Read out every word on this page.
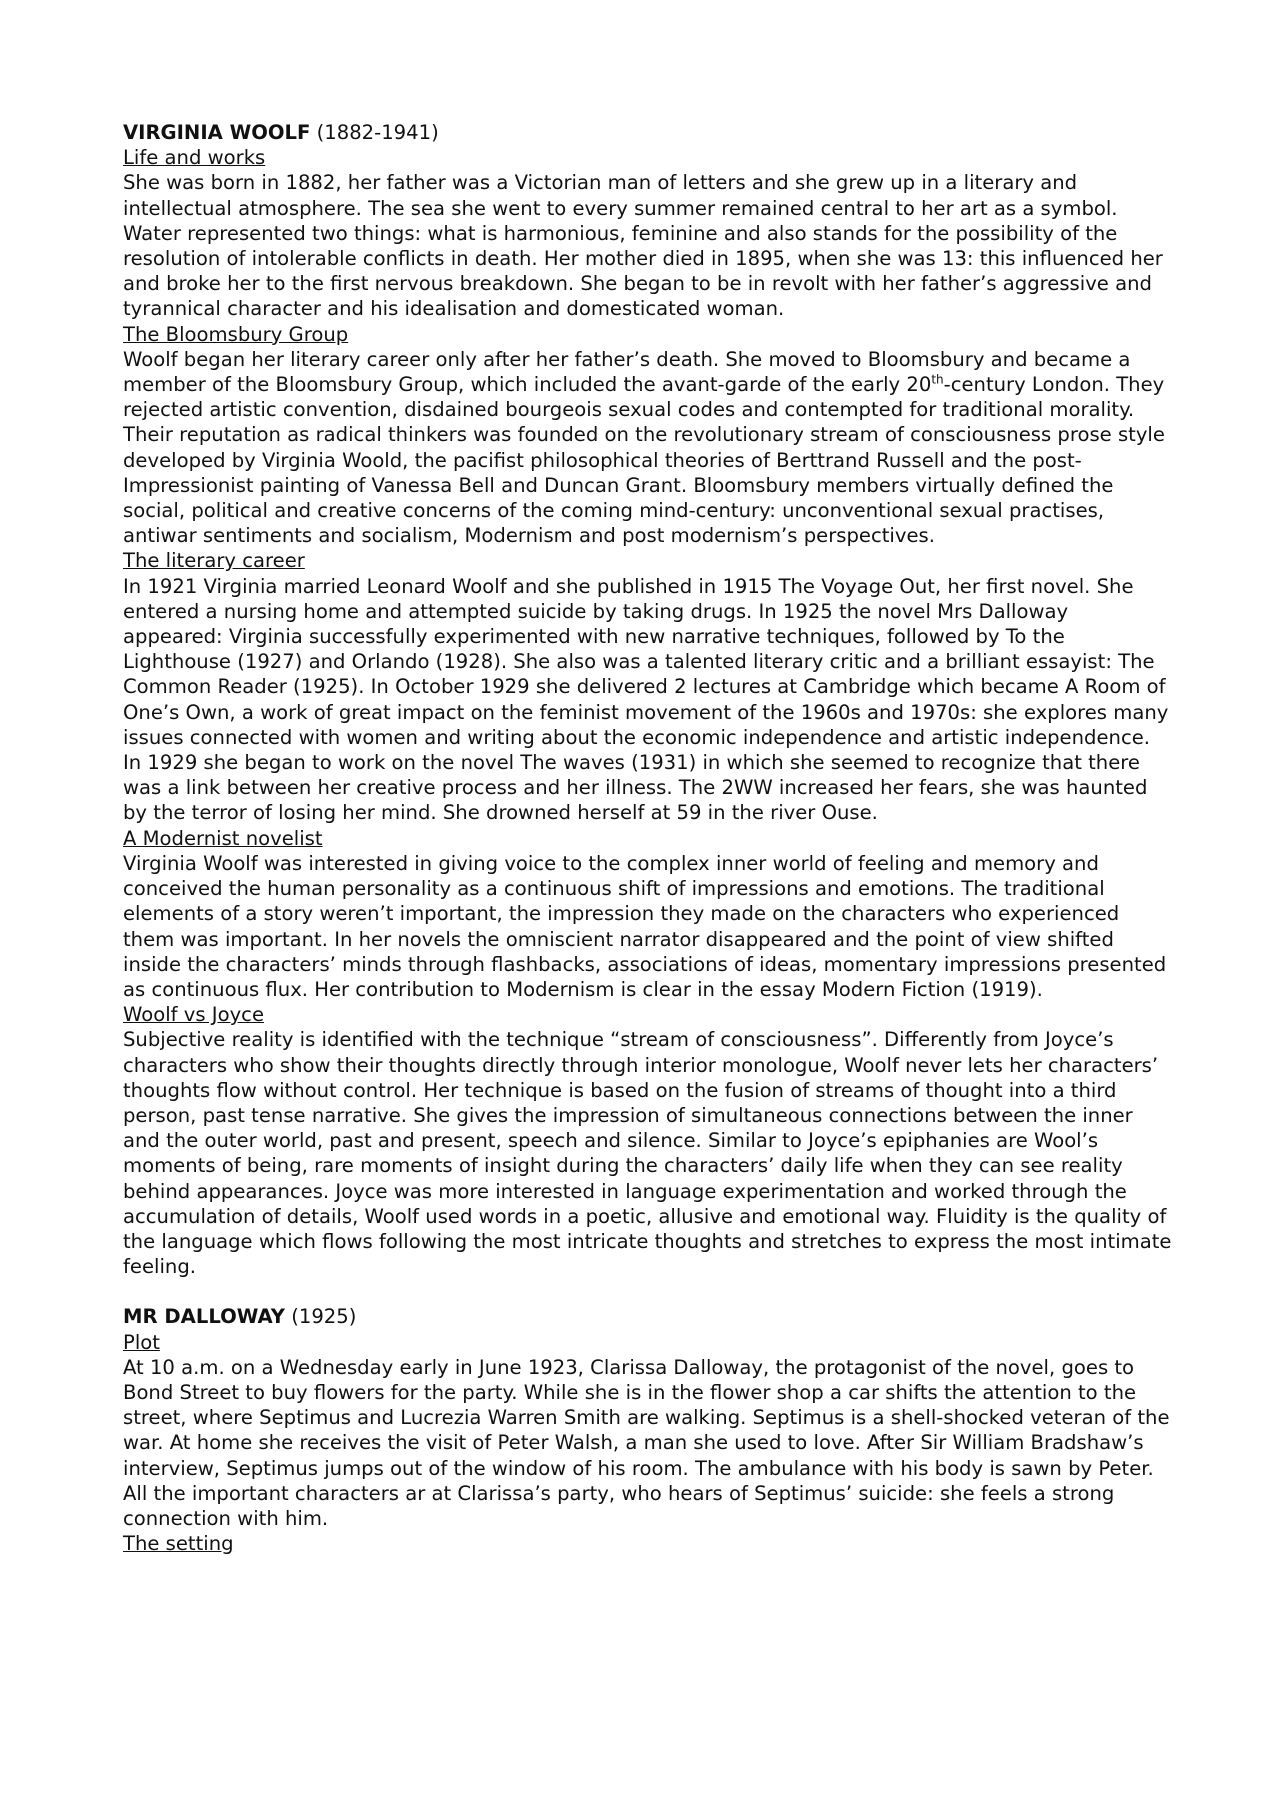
VIRGINIA WOOLF (1882-1941)

Life and works

She was born in 1882, her father was a Victorian man of letters and she grew up in a literary and intellectual atmosphere. The sea she went to every summer remained central to her art as a symbol. Water represented two things: what is harmonious, feminine and also stands for the possibility of the resolution of intolerable conflicts in death. Her mother died in 1895, when she was 13: this influenced her and broke her to the first nervous breakdown. She began to be in revolt with her father’s aggressive and tyrannical character and his idealisation and domesticated woman.

The Bloomsbury Group

Woolf began her literary career only after her father’s death. She moved to Bloomsbury and became a member of the Bloomsbury Group, which included the avant-garde of the early 20th-century London. They rejected artistic convention, disdained bourgeois sexual codes and contempted for traditional morality. Their reputation as radical thinkers was founded on the revolutionary stream of consciousness prose style developed by Virginia Woold, the pacifist philosophical theories of Berttrand Russell and the post-Impressionist painting of Vanessa Bell and Duncan Grant. Bloomsbury members virtually defined the social, political and creative concerns of the coming mind-century: unconventional sexual practises, antiwar sentiments and socialism, Modernism and post modernism’s perspectives.

The literary career

In 1921 Virginia married Leonard Woolf and she published in 1915 The Voyage Out, her first novel. She entered a nursing home and attempted suicide by taking drugs. In 1925 the novel Mrs Dalloway appeared: Virginia successfully experimented with new narrative techniques, followed by To the Lighthouse (1927) and Orlando (1928). She also was a talented literary critic and a brilliant essayist: The Common Reader (1925). In October 1929 she delivered 2 lectures at Cambridge which became A Room of One’s Own, a work of great impact on the feminist movement of the 1960s and 1970s: she explores many issues connected with women and writing about the economic independence and artistic independence. In 1929 she began to work on the novel The waves (1931) in which she seemed to recognize that there was a link between her creative process and her illness. The 2WW increased her fears, she was haunted by the terror of losing her mind. She drowned herself at 59 in the river Ouse.

A Modernist novelist

Virginia Woolf was interested in giving voice to the complex inner world of feeling and memory and conceived the human personality as a continuous shift of impressions and emotions. The traditional elements of a story weren’t important, the impression they made on the characters who experienced them was important. In her novels the omniscient narrator disappeared and the point of view shifted inside the characters’ minds through flashbacks, associations of ideas, momentary impressions presented as continuous flux. Her contribution to Modernism is clear in the essay Modern Fiction (1919).

Woolf vs Joyce

Subjective reality is identified with the technique “stream of consciousness”. Differently from Joyce’s characters who show their thoughts directly through interior monologue, Woolf never lets her characters’ thoughts flow without control. Her technique is based on the fusion of streams of thought into a third person, past tense narrative. She gives the impression of simultaneous connections between the inner and the outer world, past and present, speech and silence. Similar to Joyce’s epiphanies are Wool’s moments of being, rare moments of insight during the characters’ daily life when they can see reality behind appearances. Joyce was more interested in language experimentation and worked through the accumulation of details, Woolf used words in a poetic, allusive and emotional way. Fluidity is the quality of the language which flows following the most intricate thoughts and stretches to express the most intimate feeling.

MR DALLOWAY (1925)

Plot

At 10 a.m. on a Wednesday early in June 1923, Clarissa Dalloway, the protagonist of the novel, goes to Bond Street to buy flowers for the party. While she is in the flower shop a car shifts the attention to the street, where Septimus and Lucrezia Warren Smith are walking. Septimus is a shell-shocked veteran of the war. At home she receives the visit of Peter Walsh, a man she used to love. After Sir William Bradshaw’s interview, Septimus jumps out of the window of his room. The ambulance with his body is sawn by Peter. All the important characters ar at Clarissa’s party, who hears of Septimus’ suicide: she feels a strong connection with him.

The setting
